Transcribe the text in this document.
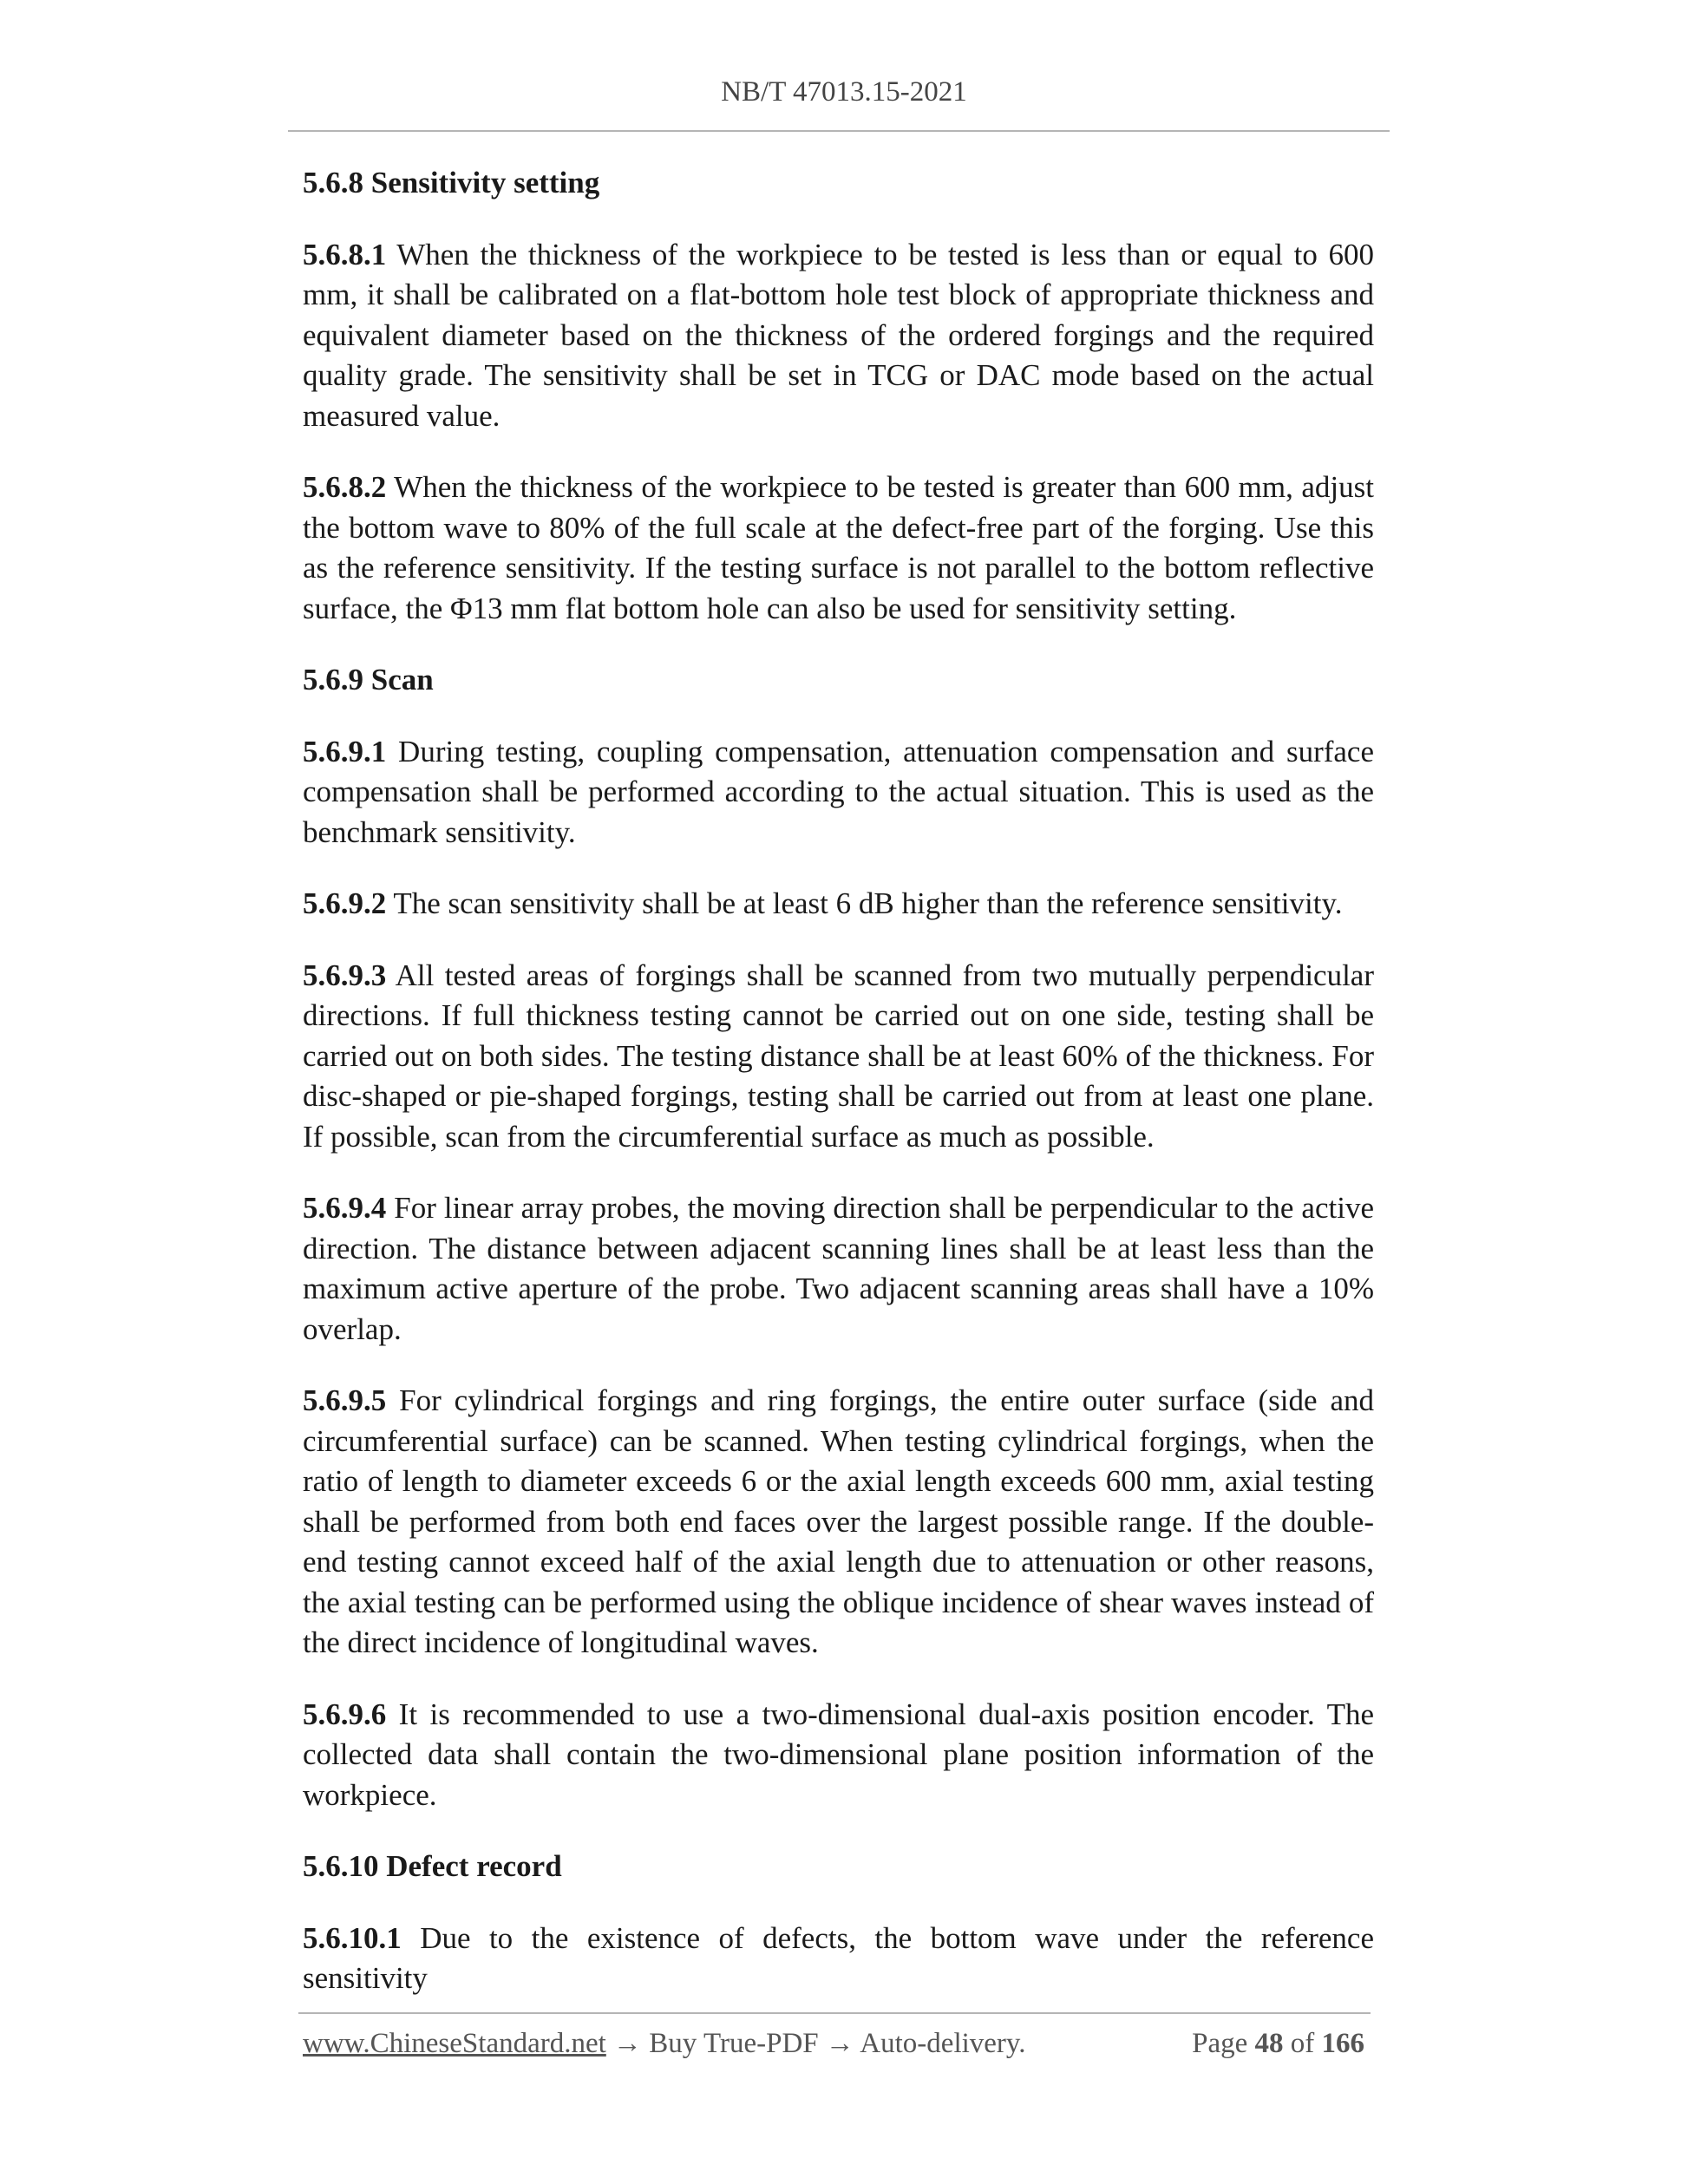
NB/T 47013.15-2021
5.6.8 Sensitivity setting

5.6.8.1 When the thickness of the workpiece to be tested is less than or equal to 600 mm, it shall be calibrated on a flat-bottom hole test block of appropriate thickness and equivalent diameter based on the thickness of the ordered forgings and the required quality grade. The sensitivity shall be set in TCG or DAC mode based on the actual measured value.

5.6.8.2 When the thickness of the workpiece to be tested is greater than 600 mm, adjust the bottom wave to 80% of the full scale at the defect-free part of the forging. Use this as the reference sensitivity. If the testing surface is not parallel to the bottom reflective surface, the Φ13 mm flat bottom hole can also be used for sensitivity setting.

5.6.9 Scan

5.6.9.1 During testing, coupling compensation, attenuation compensation and surface compensation shall be performed according to the actual situation. This is used as the benchmark sensitivity.

5.6.9.2 The scan sensitivity shall be at least 6 dB higher than the reference sensitivity.

5.6.9.3 All tested areas of forgings shall be scanned from two mutually perpendicular directions. If full thickness testing cannot be carried out on one side, testing shall be carried out on both sides. The testing distance shall be at least 60% of the thickness. For disc-shaped or pie-shaped forgings, testing shall be carried out from at least one plane. If possible, scan from the circumferential surface as much as possible.

5.6.9.4 For linear array probes, the moving direction shall be perpendicular to the active direction. The distance between adjacent scanning lines shall be at least less than the maximum active aperture of the probe. Two adjacent scanning areas shall have a 10% overlap.

5.6.9.5 For cylindrical forgings and ring forgings, the entire outer surface (side and circumferential surface) can be scanned. When testing cylindrical forgings, when the ratio of length to diameter exceeds 6 or the axial length exceeds 600 mm, axial testing shall be performed from both end faces over the largest possible range. If the double-end testing cannot exceed half of the axial length due to attenuation or other reasons, the axial testing can be performed using the oblique incidence of shear waves instead of the direct incidence of longitudinal waves.

5.6.9.6 It is recommended to use a two-dimensional dual-axis position encoder. The collected data shall contain the two-dimensional plane position information of the workpiece.

5.6.10 Defect record

5.6.10.1 Due to the existence of defects, the bottom wave under the reference sensitivity

www.ChineseStandard.net → Buy True-PDF → Auto-delivery.	Page 48 of 166
